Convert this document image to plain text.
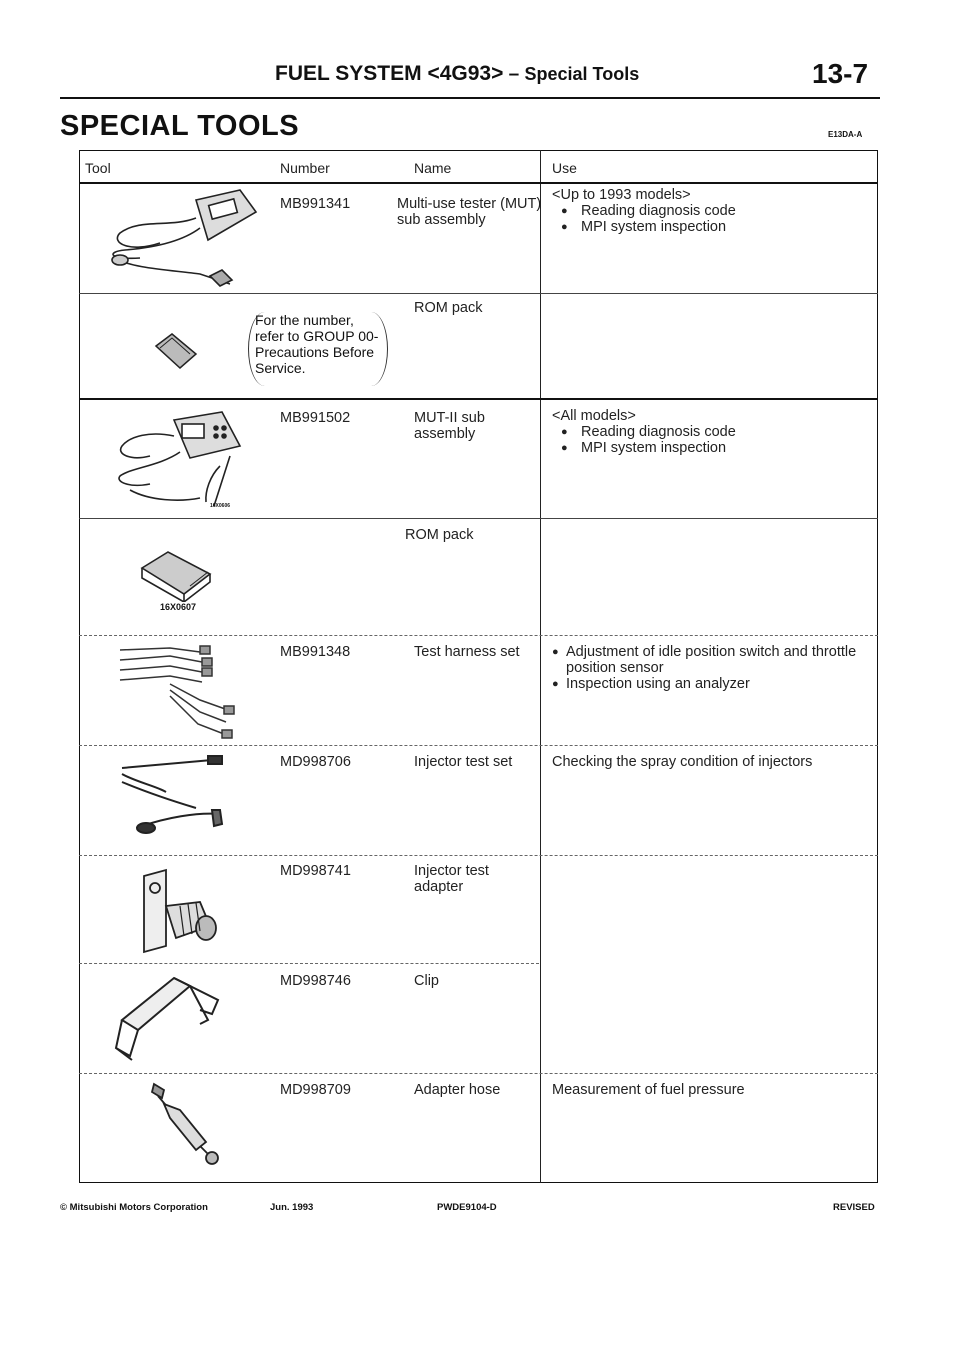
FUEL SYSTEM <4G93> – Special Tools	13-7
SPECIAL TOOLS	E13DA-A
Tool	Number	Name	Use
MB991341	Multi-use tester (MUT) sub assembly
<Up to 1993 models>
● Reading diagnosis code
● MPI system inspection
ROM pack
For the number, refer to GROUP 00- Precautions Before Service.
16X0606
MB991502	MUT-II sub assembly
<All models>
● Reading diagnosis code
● MPI system inspection
16X0607
ROM pack
MB991348	Test harness set
●	Adjustment of idle position switch and throttle position sensor
● Inspection using an analyzer
MD998706	Injector test set	Checking the spray condition of injectors
MD998741	Injector test adapter
MD998746	Clip
MD998709	Adapter hose	Measurement of fuel pressure
© Mitsubishi Motors Corporation	Jun. 1993	PWDE9104-D	REVISED
